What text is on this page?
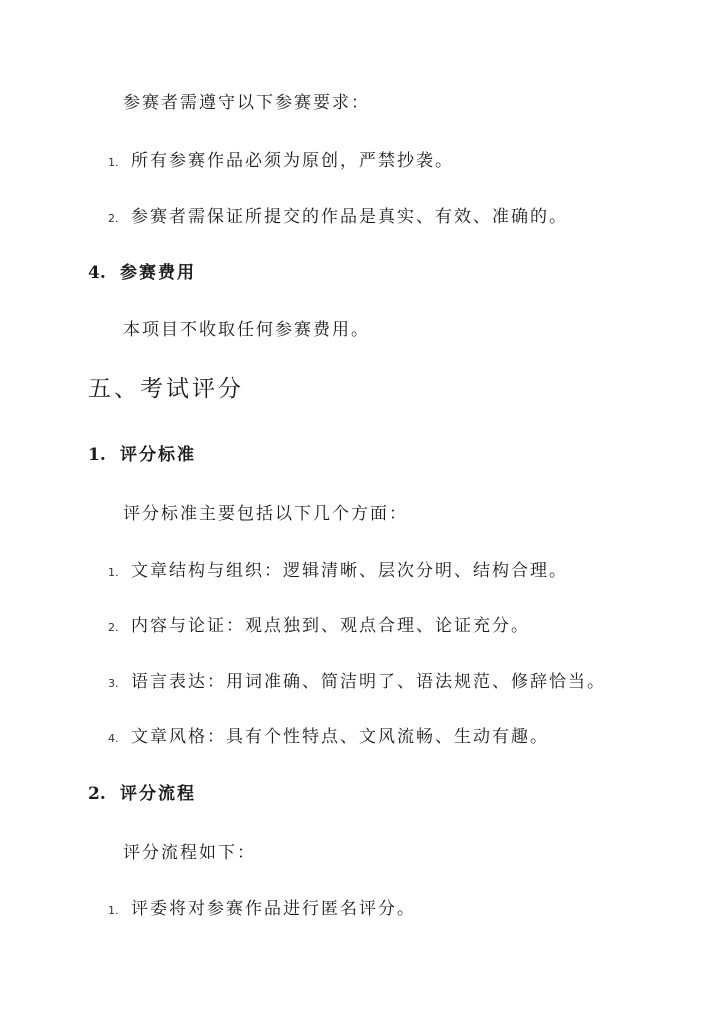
参赛者需遵守以下参赛要求：
1. 所有参赛作品必须为原创，严禁抄袭。
2. 参赛者需保证所提交的作品是真实、有效、准确的。
4. 参赛费用
本项目不收取任何参赛费用。
五、考试评分
1. 评分标准
评分标准主要包括以下几个方面：
1. 文章结构与组织：逻辑清晰、层次分明、结构合理。
2. 内容与论证：观点独到、观点合理、论证充分。
3. 语言表达：用词准确、简洁明了、语法规范、修辞恰当。
4. 文章风格：具有个性特点、文风流畅、生动有趣。
2. 评分流程
评分流程如下：
1. 评委将对参赛作品进行匿名评分。
